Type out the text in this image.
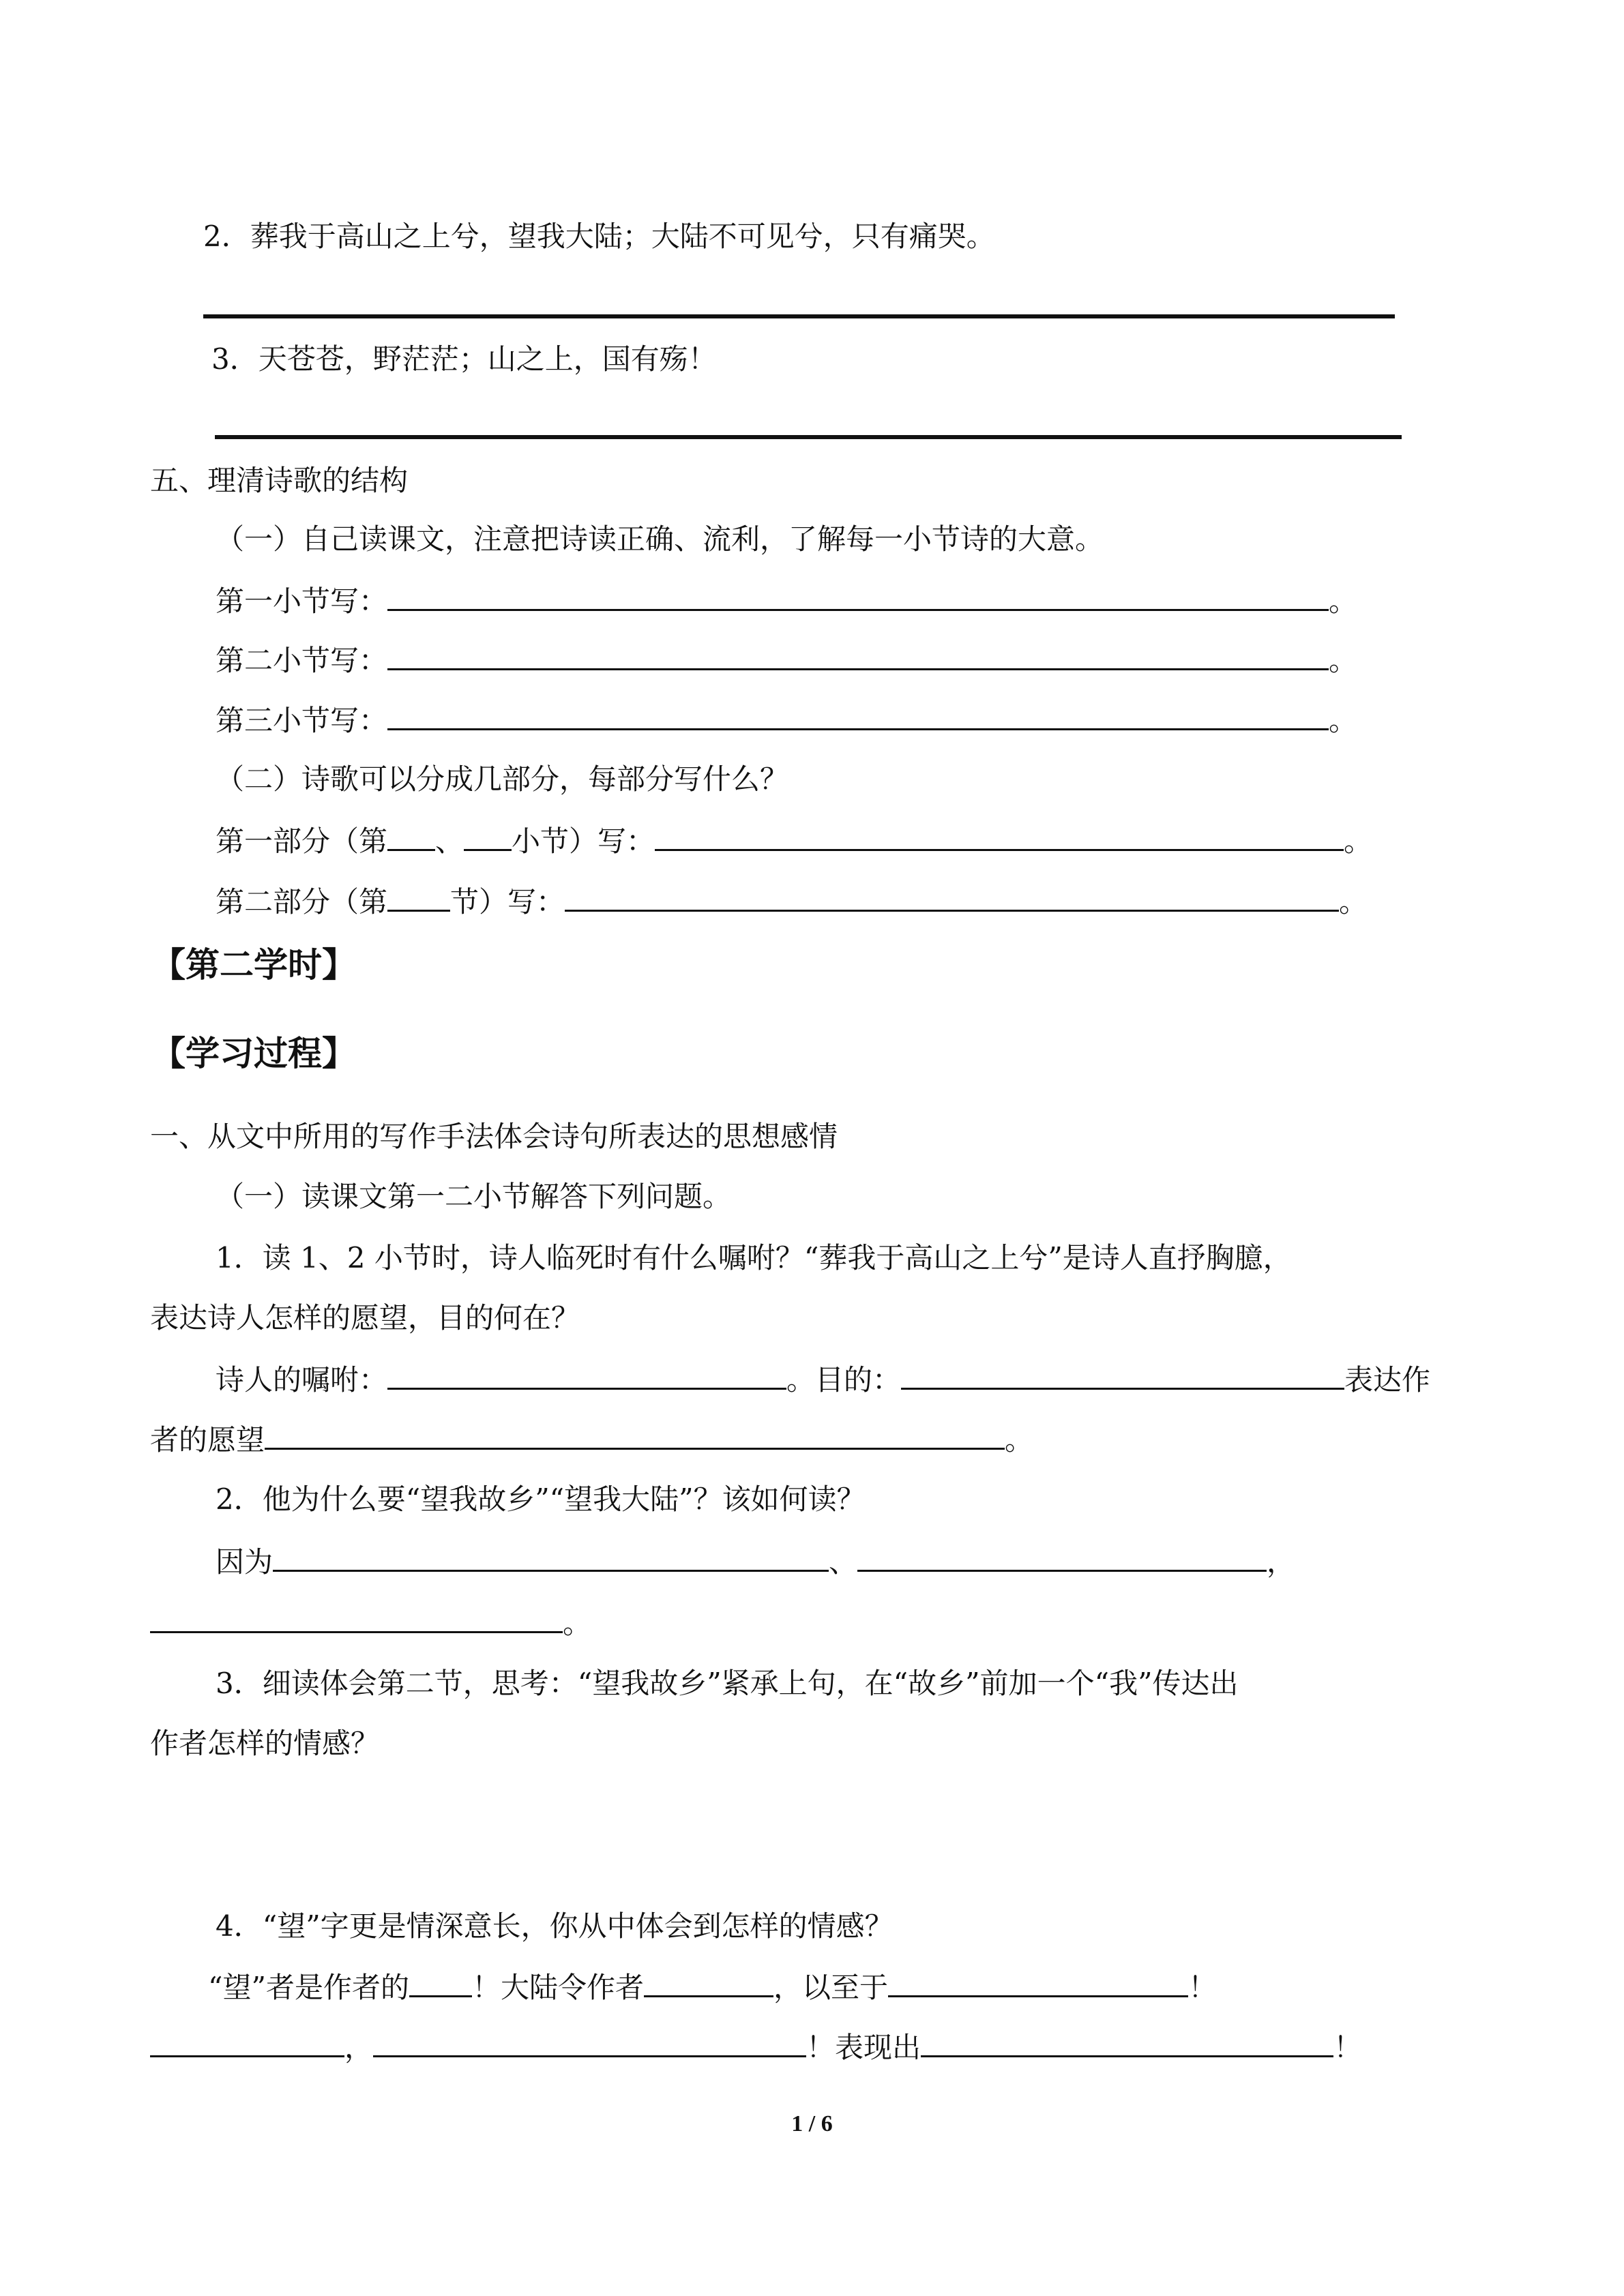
2．葬我于高山之上兮，望我大陆；大陆不可见兮，只有痛哭。
3．天苍苍，野茫茫；山之上，国有殇！
五、理清诗歌的结构
（一）自己读课文，注意把诗读正确、流利，了解每一小节诗的大意。
第一小节写：	。
第二小节写：	。
第三小节写：	。
（二）诗歌可以分成几部分，每部分写什么？
第一部分（第 、 小节）写：	。
第二部分（第 节）写：	。
【第二学时】
【学习过程】
一、从文中所用的写作手法体会诗句所表达的思想感情
（一）读课文第一二小节解答下列问题。
1．读 1、2 小节时，诗人临死时有什么嘱咐？“葬我于高山之上兮”是诗人直抒胸臆，
表达诗人怎样的愿望，目的何在？
诗人的嘱咐：	。目的：	表达作
者的愿望	。
2．他为什么要“望我故乡”“望我大陆”？该如何读？
因为	、	，
。
3．细读体会第二节，思考：“望我故乡”紧承上句，在“故乡”前加一个“我”传达出
作者怎样的情感？
4．“望”字更是情深意长，你从中体会到怎样的情感？
“望”者是作者的 ！大陆令作者	，以至于	！
，	！表现出	！
1 / 6
